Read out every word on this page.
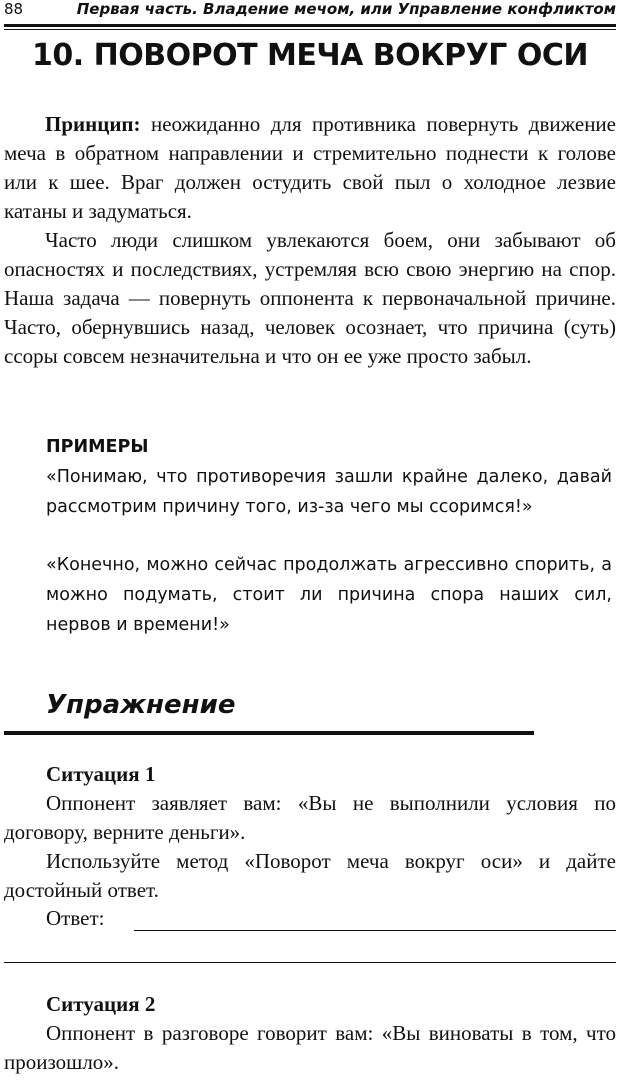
88	Первая часть. Владение мечом, или Управление конфликтом
10. ПОВОРОТ МЕЧА ВОКРУГ ОСИ

Принцип: неожиданно для противника повернуть движение меча в обратном направлении и стремительно поднести к голове или к шее. Враг должен остудить свой пыл о холодное лезвие катаны и задуматься.

Часто люди слишком увлекаются боем, они забывают об опасностях и последствиях, устремляя всю свою энергию на спор. Наша задача — повернуть оппонента к первоначальной причине. Часто, обернувшись назад, человек осознает, что причина (суть) ссоры совсем незначительна и что он ее уже просто забыл.

ПРИМЕРЫ

«Понимаю, что противоречия зашли крайне далеко, давай рассмотрим причину того, из-за чего мы ссоримся!»

«Конечно, можно сейчас продолжать агрессивно спорить, а можно подумать, стоит ли причина спора наших сил, нервов и времени!»

Упражнение
Ситуация 1

Оппонент заявляет вам: «Вы не выполнили условия по договору, верните деньги».

Используйте метод «Поворот меча вокруг оси» и дайте достойный ответ.

Ответ:
Ситуация 2

Оппонент в разговоре говорит вам: «Вы виноваты в том, что произошло».
